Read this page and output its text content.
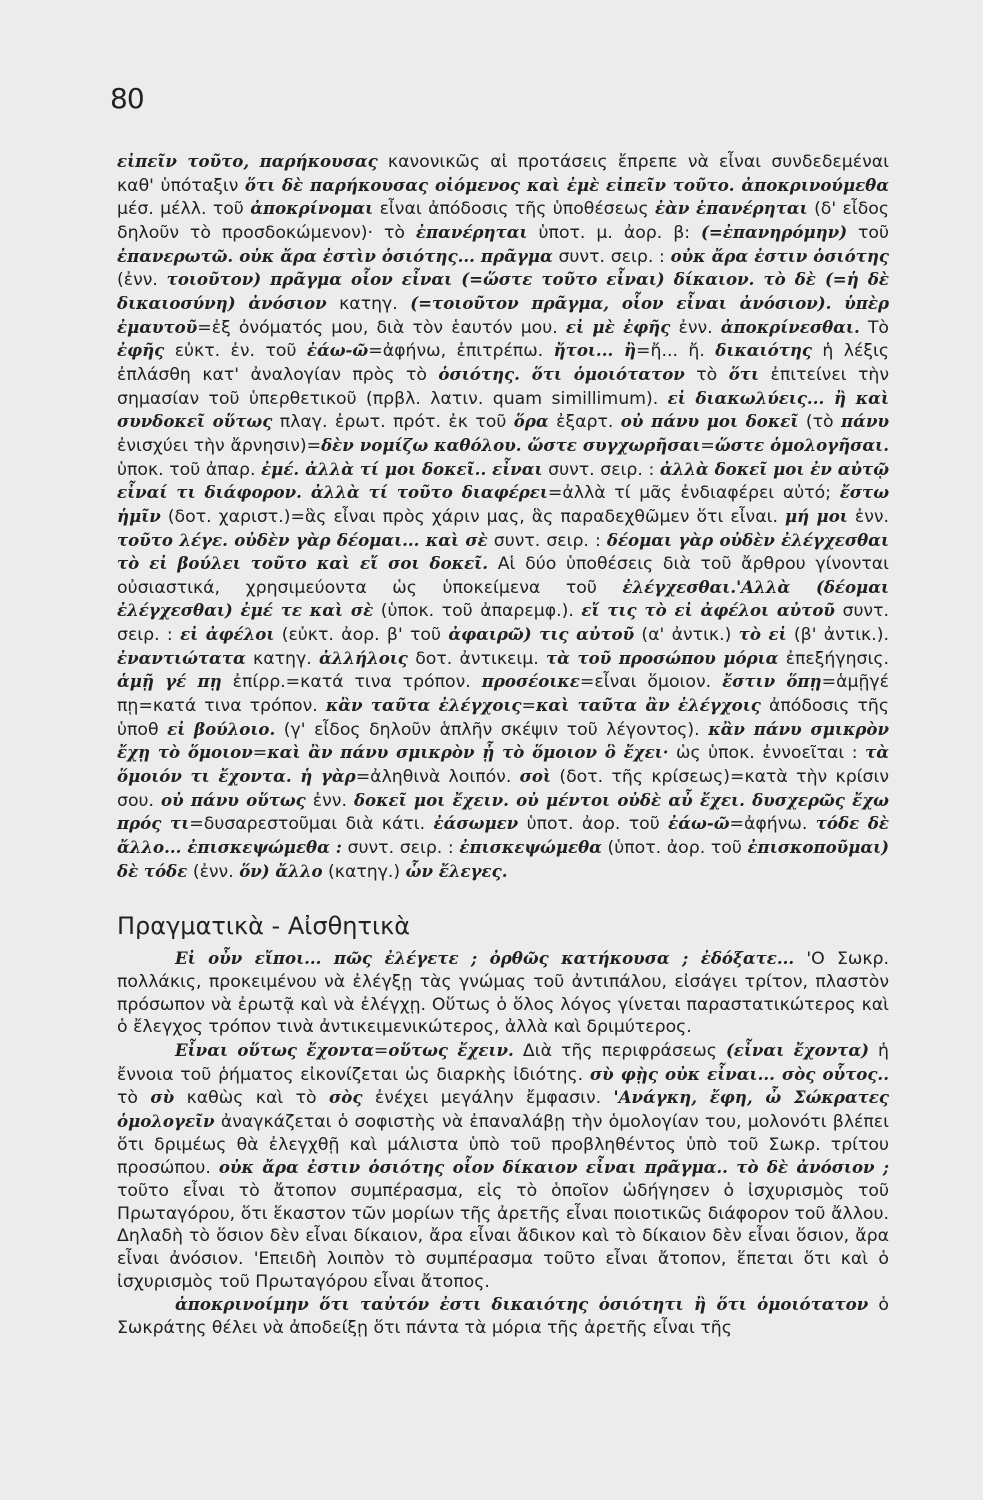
80

εἰπεῖν τοῦτο, παρήκουσας κανονικῶς αἱ προτάσεις ἔπρεπε νὰ εἶναι συνδεδεμέναι καθ' ὑπόταξιν ὅτι δὲ παρήκουσας οἰόμενος καὶ ἐμὲ εἰπεῖν τοῦτο. ἀποκρινούμεθα μέσ. μέλλ. τοῦ ἀποκρίνομαι εἶναι ἀπόδοσις τῆς ὑποθέσεως ἐὰν ἐπανέρηται (δ' εἶδος δηλοῦν τὸ προσδοκώμενον)· τὸ ἐπανέρηται ὑποτ. μ. ἀορ. β: (=ἐπανηρόμην) τοῦ ἐπανερωτῶ. οὐκ ἄρα ἐστὶν ὁσιότης... πρᾶγμα συντ. σειρ. : οὐκ ἄρα ἐστιν ὁσιότης (ἐνν. τοιοῦτον) πρᾶγμα οἷον εἶναι (=ὥστε τοῦτο εἶναι) δίκαιον. τὸ δὲ (=ἡ δὲ δικαιοσύνη) ἀνόσιον κατηγ. (=τοιοῦτον πρᾶγμα, οἷον εἶναι ἀνόσιον). ὑπὲρ ἐμαυτοῦ=ἐξ ὀνόματός μου, διὰ τὸν ἑαυτόν μου. εἰ μὲ ἐφῆς ἐνν. ἀποκρίνεσθαι. Τὸ ἐφῆς εὐκτ. ἐν. τοῦ ἐάω-ῶ=ἀφήνω, ἐπιτρέπω. ἤτοι... ἢ=ἤ... ἤ. δικαιότης ἡ λέξις ἐπλάσθη κατ' ἀναλογίαν πρὸς τὸ ὁσιότης. ὅτι ὁμοιότατον τὸ ὅτι ἐπιτείνει τὴν σημασίαν τοῦ ὑπερθετικοῦ (πρβλ. λατιν. quam simillimum). εἰ διακωλύεις... ἢ καὶ συνδοκεῖ οὕτως πλαγ. ἐρωτ. πρότ. ἐκ τοῦ ὅρα ἐξαρτ. οὐ πάνυ μοι δοκεῖ (τὸ πάνυ ἐνισχύει τὴν ἄρνησιν)=δὲν νομίζω καθόλου. ὥστε συγχωρῆσαι=ὥστε ὁμολογῆσαι. ὑποκ. τοῦ ἀπαρ. ἐμέ. ἀλλὰ τί μοι δοκεῖ.. εἶναι συντ. σειρ. : ἀλλὰ δοκεῖ μοι ἐν αὐτῷ εἶναί τι διάφορον. ἀλλὰ τί τοῦτο διαφέρει=ἀλλὰ τί μᾶς ἐνδιαφέρει αὐτό; ἔστω ἡμῖν (δοτ. χαριστ.)=ἃς εἶναι πρὸς χάριν μας, ἃς παραδεχθῶμεν ὅτι εἶναι. μή μοι ἐνν. τοῦτο λέγε. οὐδὲν γὰρ δέομαι... καὶ σὲ συντ. σειρ. : δέομαι γὰρ οὐδὲν ἐλέγχεσθαι τὸ εἰ βούλει τοῦτο καὶ εἴ σοι δοκεῖ. Αἱ δύο ὑποθέσεις διὰ τοῦ ἄρθρου γίνονται οὐσιαστικά, χρησιμεύοντα ὡς ὑποκείμενα τοῦ ἐλέγχεσθαι.'Αλλὰ (δέομαι ἐλέγχεσθαι) ἐμέ τε καὶ σὲ (ὑποκ. τοῦ ἀπαρεμφ.). εἴ τις τὸ εἰ ἀφέλοι αὐτοῦ συντ. σειρ. : εἰ ἀφέλοι (εὐκτ. ἀορ. β' τοῦ ἀφαιρῶ) τις αὐτοῦ (α' ἀντικ.) τὸ εἰ (β' ἀντικ.). ἐναντιώτατα κατηγ. ἀλλήλοις δοτ. ἀντικειμ. τὰ τοῦ προσώπου μόρια ἐπεξήγησις. ἁμῇ γέ πῃ ἐπίρρ.=κατά τινα τρόπον. προσέοικε=εἶναι ὅμοιον. ἔστιν ὅπῃ=ἁμῇγέ πῃ=κατά τινα τρόπον. κἂν ταῦτα ἐλέγχοις=καὶ ταῦτα ἂν ἐλέγχοις ἀπόδοσις τῆς ὑποθ εἰ βούλοιο. (γ' εἶδος δηλοῦν ἁπλῆν σκέψιν τοῦ λέγοντος). κἂν πάνυ σμικρὸν ἔχῃ τὸ ὅμοιον=καὶ ἂν πάνυ σμικρὸν ᾖ τὸ ὅμοιον ὃ ἔχει· ὡς ὑποκ. ἐννοεῖται : τὰ ὅμοιόν τι ἔχοντα. ἡ γὰρ=ἀληθινὰ λοιπόν. σοὶ (δοτ. τῆς κρίσεως)=κατὰ τὴν κρίσιν σου. οὐ πάνυ οὕτως ἐνν. δοκεῖ μοι ἔχειν. οὐ μέντοι οὐδὲ αὖ ἔχει. δυσχερῶς ἔχω πρός τι=δυσαρεστοῦμαι διὰ κάτι. ἐάσωμεν ὑποτ. ἀορ. τοῦ ἐάω-ῶ=ἀφήνω. τόδε δὲ ἄλλο... ἐπισκεψώμεθα : συντ. σειρ. : ἐπισκεψώμεθα (ὑποτ. ἀορ. τοῦ ἐπισκοποῦμαι) δὲ τόδε (ἐνν. ὅν) ἄλλο (κατηγ.) ὧν ἔλεγες.

Πραγματικὰ - Αἰσθητικὰ

Εἰ οὖν εἴποι... πῶς ἐλέγετε ; ὀρθῶς κατήκουσα ; ἐδόξατε... 'Ο Σωκρ. πολλάκις, προκειμένου νὰ ἐλέγξῃ τὰς γνώμας τοῦ ἀντιπάλου, εἰσάγει τρίτον, πλαστὸν πρόσωπον νὰ ἐρωτᾷ καὶ νὰ ἐλέγχῃ. Οὕτως ὁ ὅλος λόγος γίνεται παραστατικώτερος καὶ ὁ ἔλεγχος τρόπον τινὰ ἀντικειμενικώτερος, ἀλλὰ καὶ δριμύτερος.

Εἶναι οὕτως ἔχοντα=οὕτως ἔχειν. Διὰ τῆς περιφράσεως (εἶναι ἔχοντα) ἡ ἔννοια τοῦ ῥήματος εἰκονίζεται ὡς διαρκὴς ἰδιότης. σὺ φῂς οὐκ εἶναι... σὸς οὗτος.. τὸ σὺ καθὼς καὶ τὸ σὸς ἐνέχει μεγάλην ἔμφασιν. 'Ανάγκη, ἔφη, ὦ Σώκρατες ὁμολογεῖν ἀναγκάζεται ὁ σοφιστὴς νὰ ἐπαναλάβῃ τὴν ὁμολογίαν του, μολονότι βλέπει ὅτι δριμέως θὰ ἐλεγχθῇ καὶ μάλιστα ὑπὸ τοῦ προβληθέντος ὑπὸ τοῦ Σωκρ. τρίτου προσώπου. οὐκ ἄρα ἐστιν ὁσιότης οἷον δίκαιον εἶναι πρᾶγμα.. τὸ δὲ ἀνόσιον ; τοῦτο εἶναι τὸ ἄτοπον συμπέρασμα, εἰς τὸ ὁποῖον ὡδήγησεν ὁ ἰσχυρισμὸς τοῦ Πρωταγόρου, ὅτι ἕκαστον τῶν μορίων τῆς ἀρετῆς εἶναι ποιοτικῶς διάφορον τοῦ ἄλλου. Δηλαδὴ τὸ ὅσιον δὲν εἶναι δίκαιον, ἄρα εἶναι ἄδικον καὶ τὸ δίκαιον δὲν εἶναι ὅσιον, ἄρα εἶναι ἀνόσιον. 'Επειδὴ λοιπὸν τὸ συμπέρασμα τοῦτο εἶναι ἄτοπον, ἕπεται ὅτι καὶ ὁ ἰσχυρισμὸς τοῦ Πρωταγόρου εἶναι ἄτοπος.

ἀποκρινοίμην ὅτι ταὐτόν ἐστι δικαιότης ὁσιότητι ἢ ὅτι ὁμοιότατον ὁ Σωκράτης θέλει νὰ ἀποδείξῃ ὅτι πάντα τὰ μόρια τῆς ἀρετῆς εἶναι τῆς
